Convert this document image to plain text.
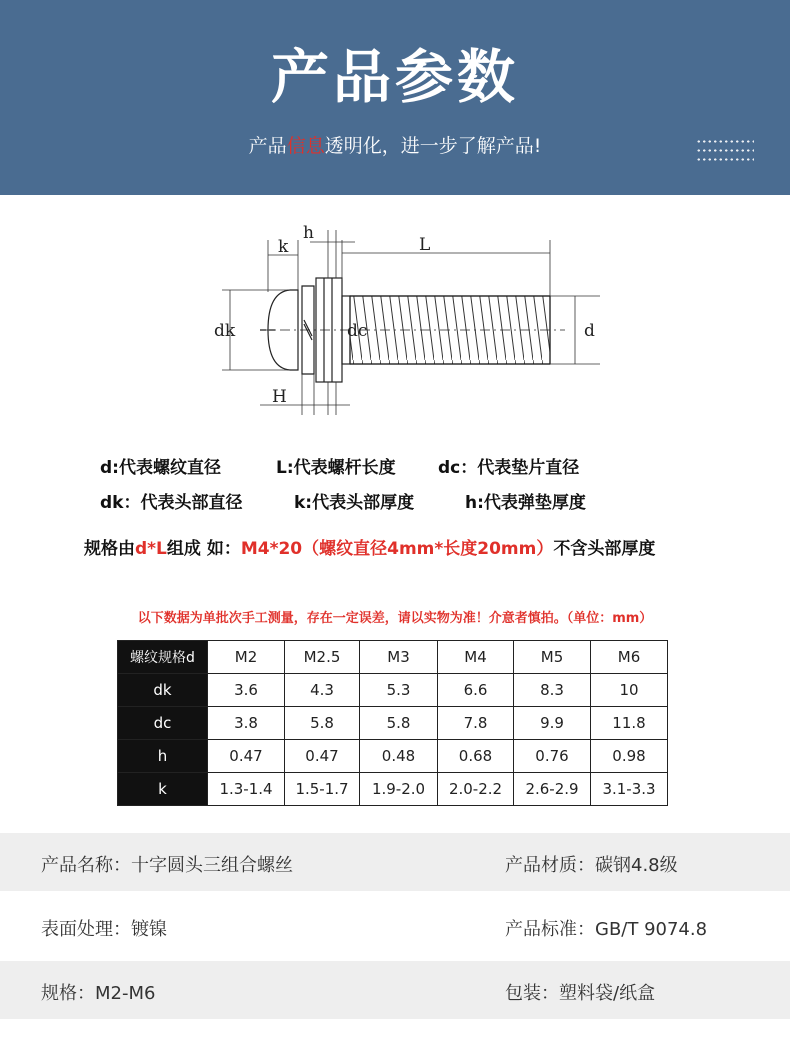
产品参数
产品信息透明化，进一步了解产品!
k
h
L
dk	dc	d
H
d:代表螺纹直径	L:代表螺杆长度 dc：代表垫片直径
dk：代表头部直径	k:代表头部厚度	h:代表弹垫厚度
规格由d*L组成 如：M4*20（螺纹直径4mm*长度20mm）不含头部厚度
以下数据为单批次手工测量，存在一定误差，请以实物为准！介意者慎拍。（单位：mm）
螺纹规格d	M2	M2.5	M3	M4	M5	M6
dk	3.6	4.3	5.3	6.6	8.3	10
dc	3.8	5.8	5.8	7.8	9.9	11.8
h	0.47	0.47	0.48	0.68	0.76	0.98
k	1.3-1.4	1.5-1.7	1.9-2.0	2.0-2.2	2.6-2.9	3.1-3.3
产品名称：十字圆头三组合螺丝	产品材质：碳钢4.8级
表面处理：镀镍	产品标准：GB/T 9074.8
规格：M2-M6	包装：塑料袋/纸盒
